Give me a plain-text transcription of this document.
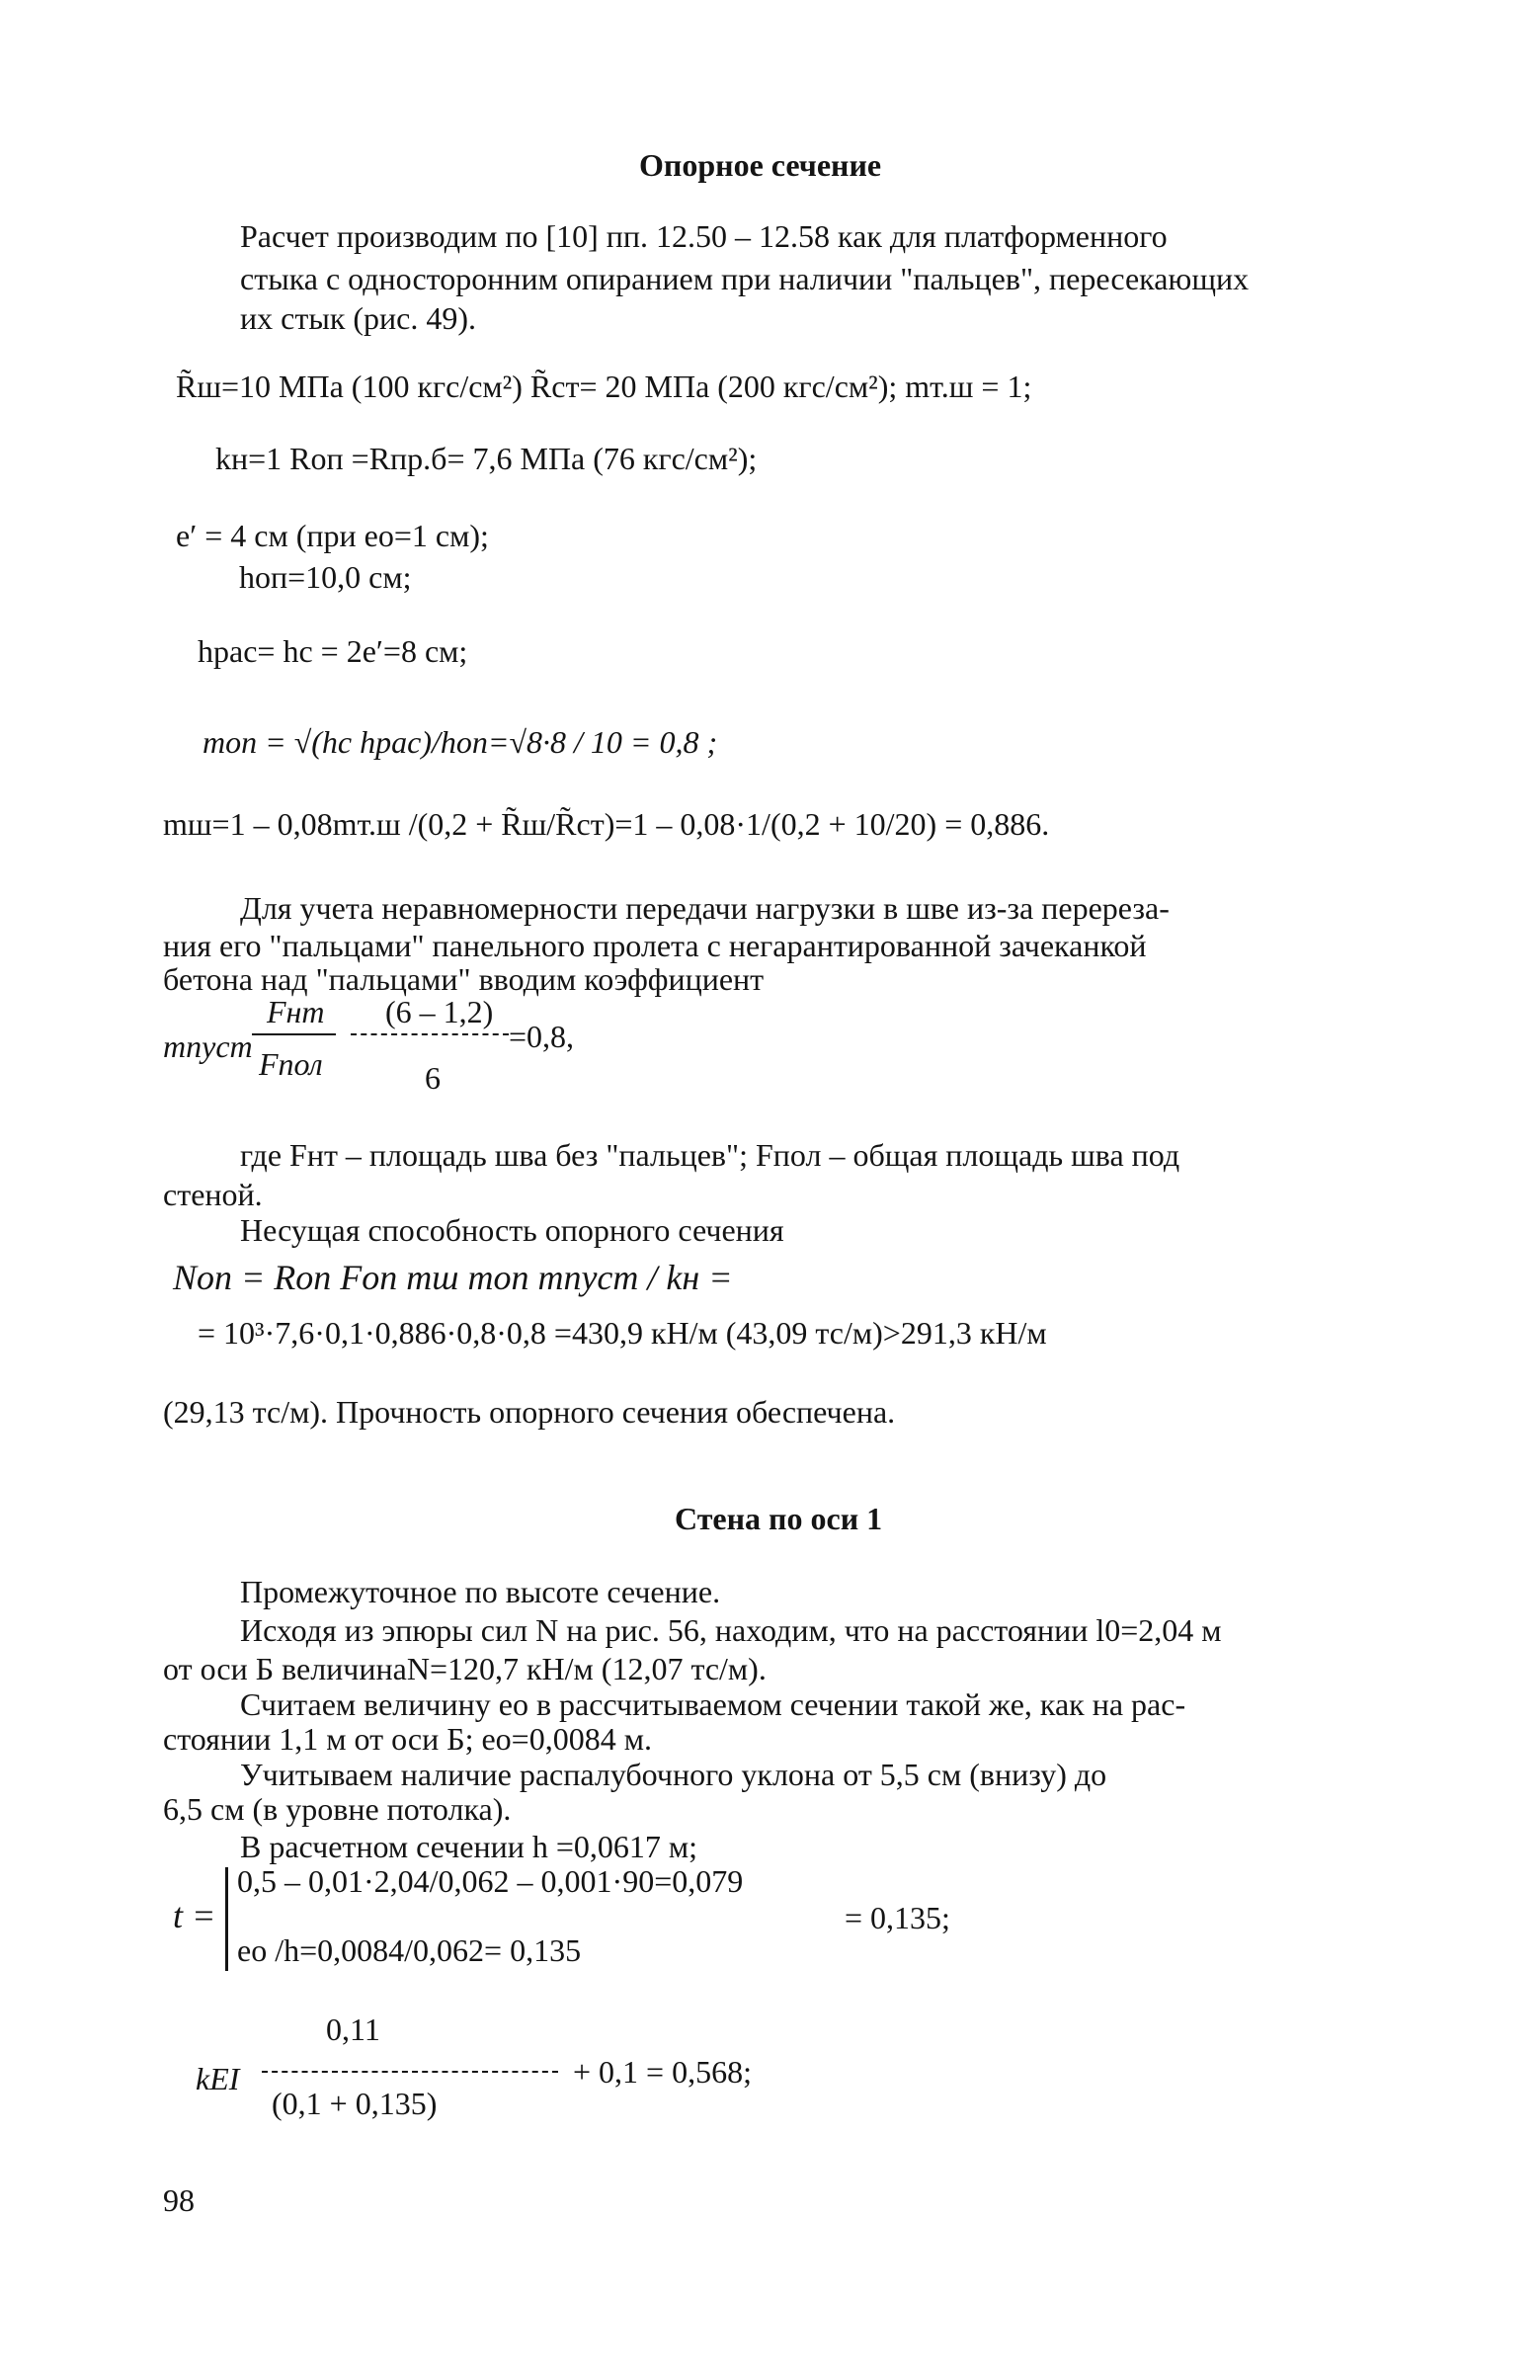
Опорное сечение
Расчет производим по [10] пп. 12.50 – 12.58 как для платформенного
стыка с односторонним опиранием при наличии "пальцев", пересекающих
их стык (рис. 49).
R̃ш=10 МПа (100 кгс/см²) R̃ст= 20 МПа (200 кгс/см²); mт.ш = 1;
kн=1 Rоп =Rпр.б= 7,6 МПа (76 кгс/см²);
e′ = 4 см (при eо=1 см);
hоп=10,0 см;
hрас= hс = 2e′=8 см;
mоп = √(hс hрас)/hоп=√8·8 / 10 = 0,8 ;
mш=1 – 0,08mт.ш /(0,2 + R̃ш/R̃ст)=1 – 0,08·1/(0,2 + 10/20) = 0,886.
Для учета неравномерности передачи нагрузки в шве из-за перереза-
ния его "пальцами" панельного пролета с негарантированной зачеканкой
бетона над "пальцами" вводим коэффициент
mпуст
Fнт
Fпол
(6 – 1,2)
6
=0,8,
где Fнт – площадь шва без "пальцев"; Fпол – общая площадь шва под
стеной.
Несущая способность опорного сечения
Nоп = Rоп Fоп mш mоп mпуст / kн =
= 10³·7,6·0,1·0,886·0,8·0,8 =430,9 кН/м (43,09 тс/м)>291,3 кН/м
(29,13 тс/м). Прочность опорного сечения обеспечена.
Стена по оси 1
Промежуточное по высоте сечение.
Исходя из эпюры сил N на рис. 56, находим, что на расстоянии l0=2,04 м
от оси Б величинаN=120,7 кН/м (12,07 тс/м).
Считаем величину eо в рассчитываемом сечении такой же, как на рас-
стоянии 1,1 м от оси Б; eо=0,0084 м.
Учитываем наличие распалубочного уклона от 5,5 см (внизу) до
6,5 см (в уровне потолка).
В расчетном сечении h =0,0617 м;
t =
0,5 – 0,01·2,04/0,062 – 0,001·90=0,079
eо /h=0,0084/0,062= 0,135
= 0,135;
0,11
kEI
(0,1 + 0,135)
+ 0,1 = 0,568;
98
